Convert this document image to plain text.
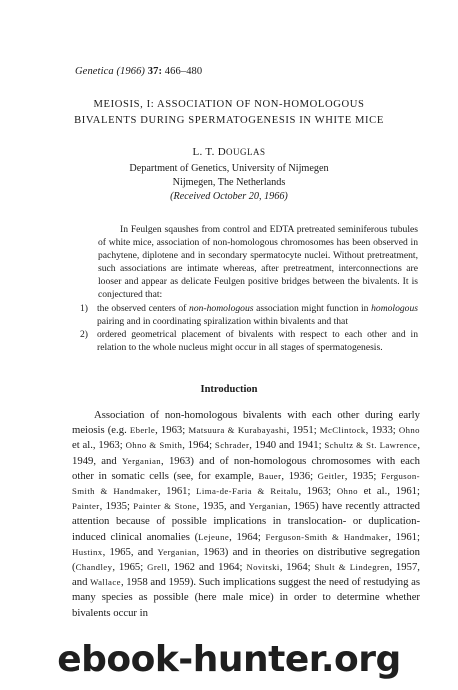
Genetica (1966) 37: 466–480
MEIOSIS, I: ASSOCIATION OF NON-HOMOLOGOUS
BIVALENTS DURING SPERMATOGENESIS IN WHITE MICE
L. T. DOUGLAS
Department of Genetics, University of Nijmegen
Nijmegen, The Netherlands
(Received October 20, 1966)

In Feulgen sqaushes from control and EDTA pretreated seminiferous tubules of white mice, association of non-homologous chromosomes has been observed in pachytene, diplotene and in secondary spermatocyte nuclei. Without pretreatment, such associations are intimate whereas, after pretreatment, interconnections are looser and appear as delicate Feulgen positive bridges between the bivalents. It is conjectured that:

1) the observed centers of non-homologous association might function in homologous pairing and in coordinating spiralization within bivalents and that
2) ordered geometrical placement of bivalents with respect to each other and in relation to the whole nucleus might occur in all stages of spermatogenesis.
Introduction

Association of non-homologous bivalents with each other during early meiosis (e.g. Eberle, 1963; Matsuura & Kurabayashi, 1951; McClintock, 1933; Ohno et al., 1963; Ohno & Smith, 1964; Schrader, 1940 and 1941; Schultz & St. Lawrence, 1949, and Yerganian, 1963) and of non-homologous chromosomes with each other in somatic cells (see, for example, Bauer, 1936; Geitler, 1935; Ferguson-Smith & Handmaker, 1961; Lima-de-Faria & Reitalu, 1963; Ohno et al., 1961; Painter, 1935; Painter & Stone, 1935, and Yerganian, 1965) have recently attracted attention because of possible implications in translocation- or duplication-induced clinical anomalies (Lejeune, 1964; Ferguson-Smith & Handmaker, 1961; Hustinx, 1965, and Yerganian, 1963) and in theories on distributive segregation (Chandley, 1965; Grell, 1962 and 1964; Novitski, 1964; Shult & Lindegren, 1957, and Wallace, 1958 and 1959). Such implications suggest the need of restudying as many species as possible (here male mice) in order to determine whether bivalents occur in

ebook-hunter.org
